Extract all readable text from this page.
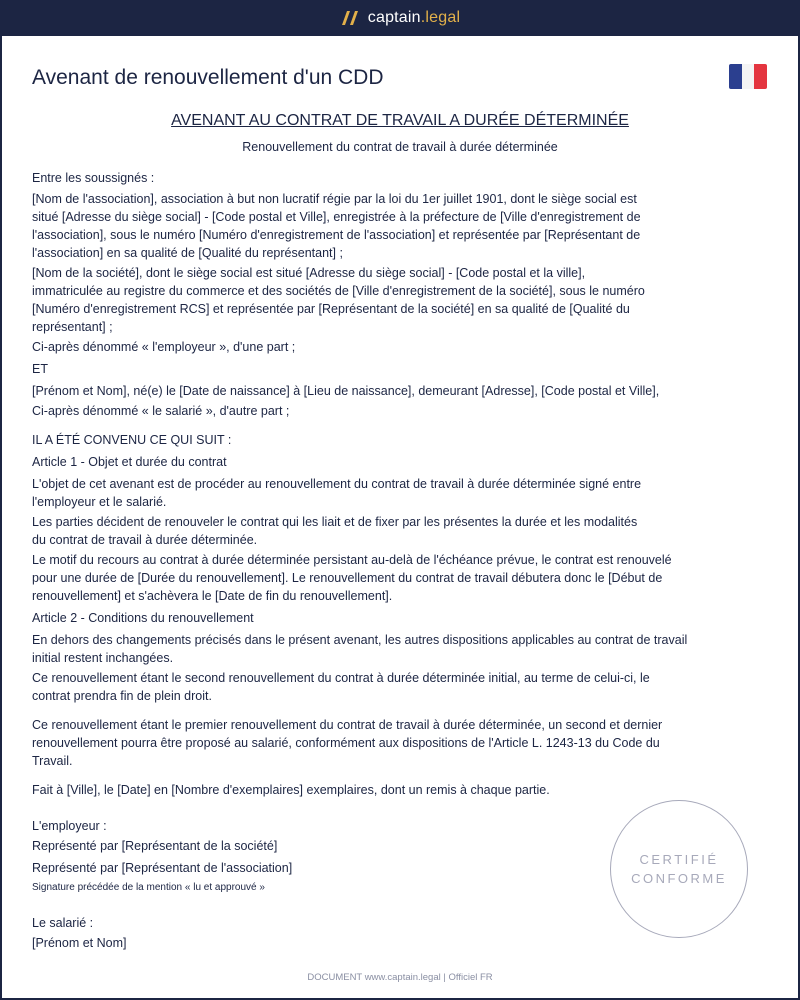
captain.legal
Avenant de renouvellement d'un CDD
AVENANT AU CONTRAT DE TRAVAIL A DURÉE DÉTERMINÉE
Renouvellement du contrat de travail à durée déterminée
Entre les soussignés :
[Nom de l'association], association à but non lucratif régie par la loi du 1er juillet 1901, dont le siège social est
situé [Adresse du siège social] - [Code postal et Ville], enregistrée à la préfecture de [Ville d'enregistrement de
l'association], sous le numéro [Numéro d'enregistrement de l'association] et représentée par [Représentant de
l'association] en sa qualité de [Qualité du représentant] ;
[Nom de la société], dont le siège social est situé [Adresse du siège social] - [Code postal et la ville],
immatriculée au registre du commerce et des sociétés de [Ville d'enregistrement de la société], sous le numéro
[Numéro d'enregistrement RCS] et représentée par [Représentant de la société] en sa qualité de [Qualité du
représentant] ;
Ci-après dénommé « l'employeur », d'une part ;
ET
[Prénom et Nom], né(e) le [Date de naissance] à [Lieu de naissance], demeurant [Adresse], [Code postal et Ville],
Ci-après dénommé « le salarié », d'autre part ;
IL A ÉTÉ CONVENU CE QUI SUIT :
Article 1 - Objet et durée du contrat
L'objet de cet avenant est de procéder au renouvellement du contrat de travail à durée déterminée signé entre
l'employeur et le salarié.
Les parties décident de renouveler le contrat qui les liait et de fixer par les présentes la durée et les modalités
du contrat de travail à durée déterminée.
Le motif du recours au contrat à durée déterminée persistant au-delà de l'échéance prévue, le contrat est renouvelé
pour une durée de [Durée du renouvellement]. Le renouvellement du contrat de travail débutera donc le [Début de
renouvellement] et s'achèvera le [Date de fin du renouvellement].
Article 2 - Conditions du renouvellement
En dehors des changements précisés dans le présent avenant, les autres dispositions applicables au contrat de travail
initial restent inchangées.
Ce renouvellement étant le second renouvellement du contrat à durée déterminée initial, au terme de celui-ci, le
contrat prendra fin de plein droit.
Ce renouvellement étant le premier renouvellement du contrat de travail à durée déterminée, un second et dernier
renouvellement pourra être proposé au salarié, conformément aux dispositions de l'Article L. 1243-13 du Code du
Travail.
Fait à [Ville], le [Date] en [Nombre d'exemplaires] exemplaires, dont un remis à chaque partie.
L'employeur :
Représenté par [Représentant de la société]
Représenté par [Représentant de l'association]
Signature précédée de la mention « lu et approuvé »
Le salarié :
[Prénom et Nom]
CERTIFIÉ
CONFORME
DOCUMENT www.captain.legal | Officiel FR
